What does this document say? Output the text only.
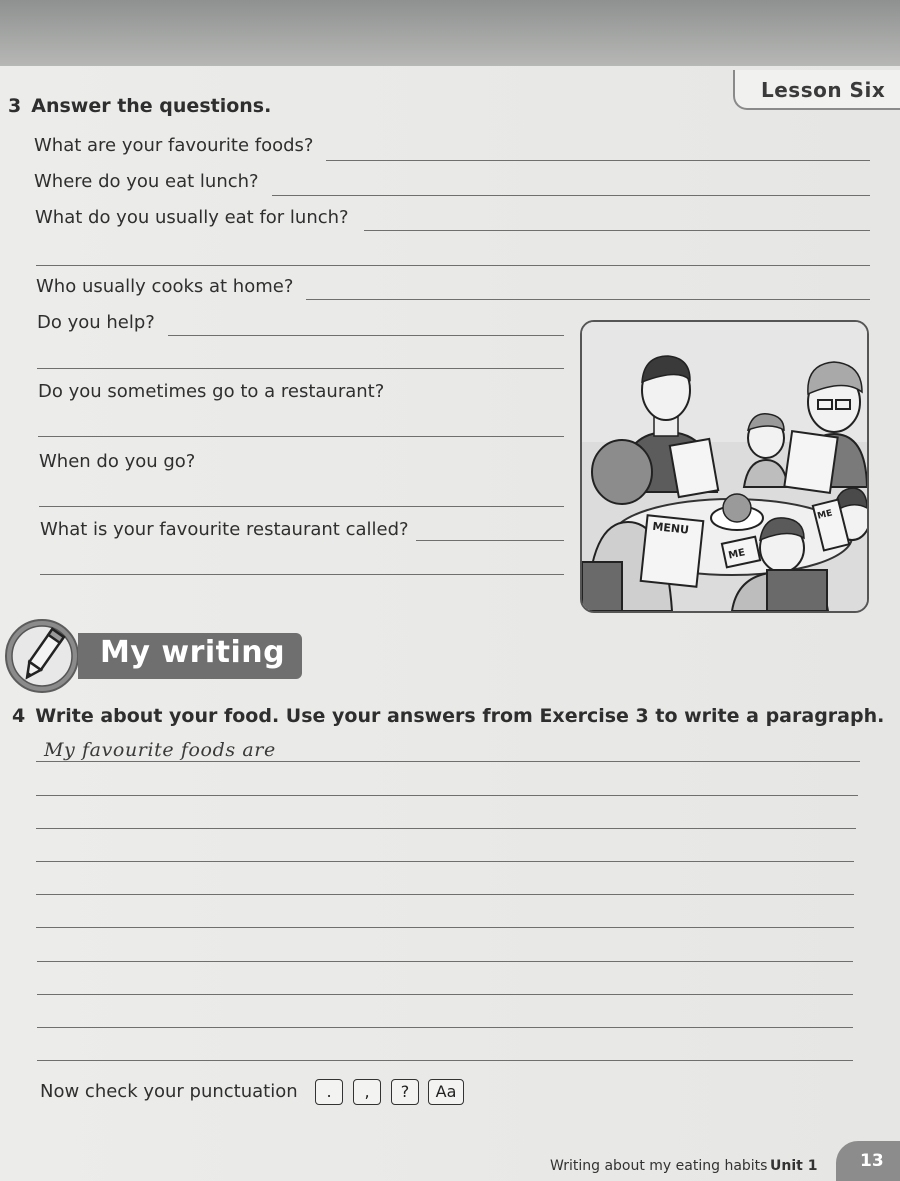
Lesson Six
3 Answer the questions.
What are your favourite foods?
Where do you eat lunch?
What do you usually eat for lunch?
Who usually cooks at home?
Do you help?
Do you sometimes go to a restaurant?
When do you go?
What is your favourite restaurant called?	MENU
ME
ME
My writing
4 Write about your food. Use your answers from Exercise 3 to write a paragraph.
My favourite foods are
Now check your punctuation	.	,	?	Aa
Writing about my eating habits Unit 1	13
